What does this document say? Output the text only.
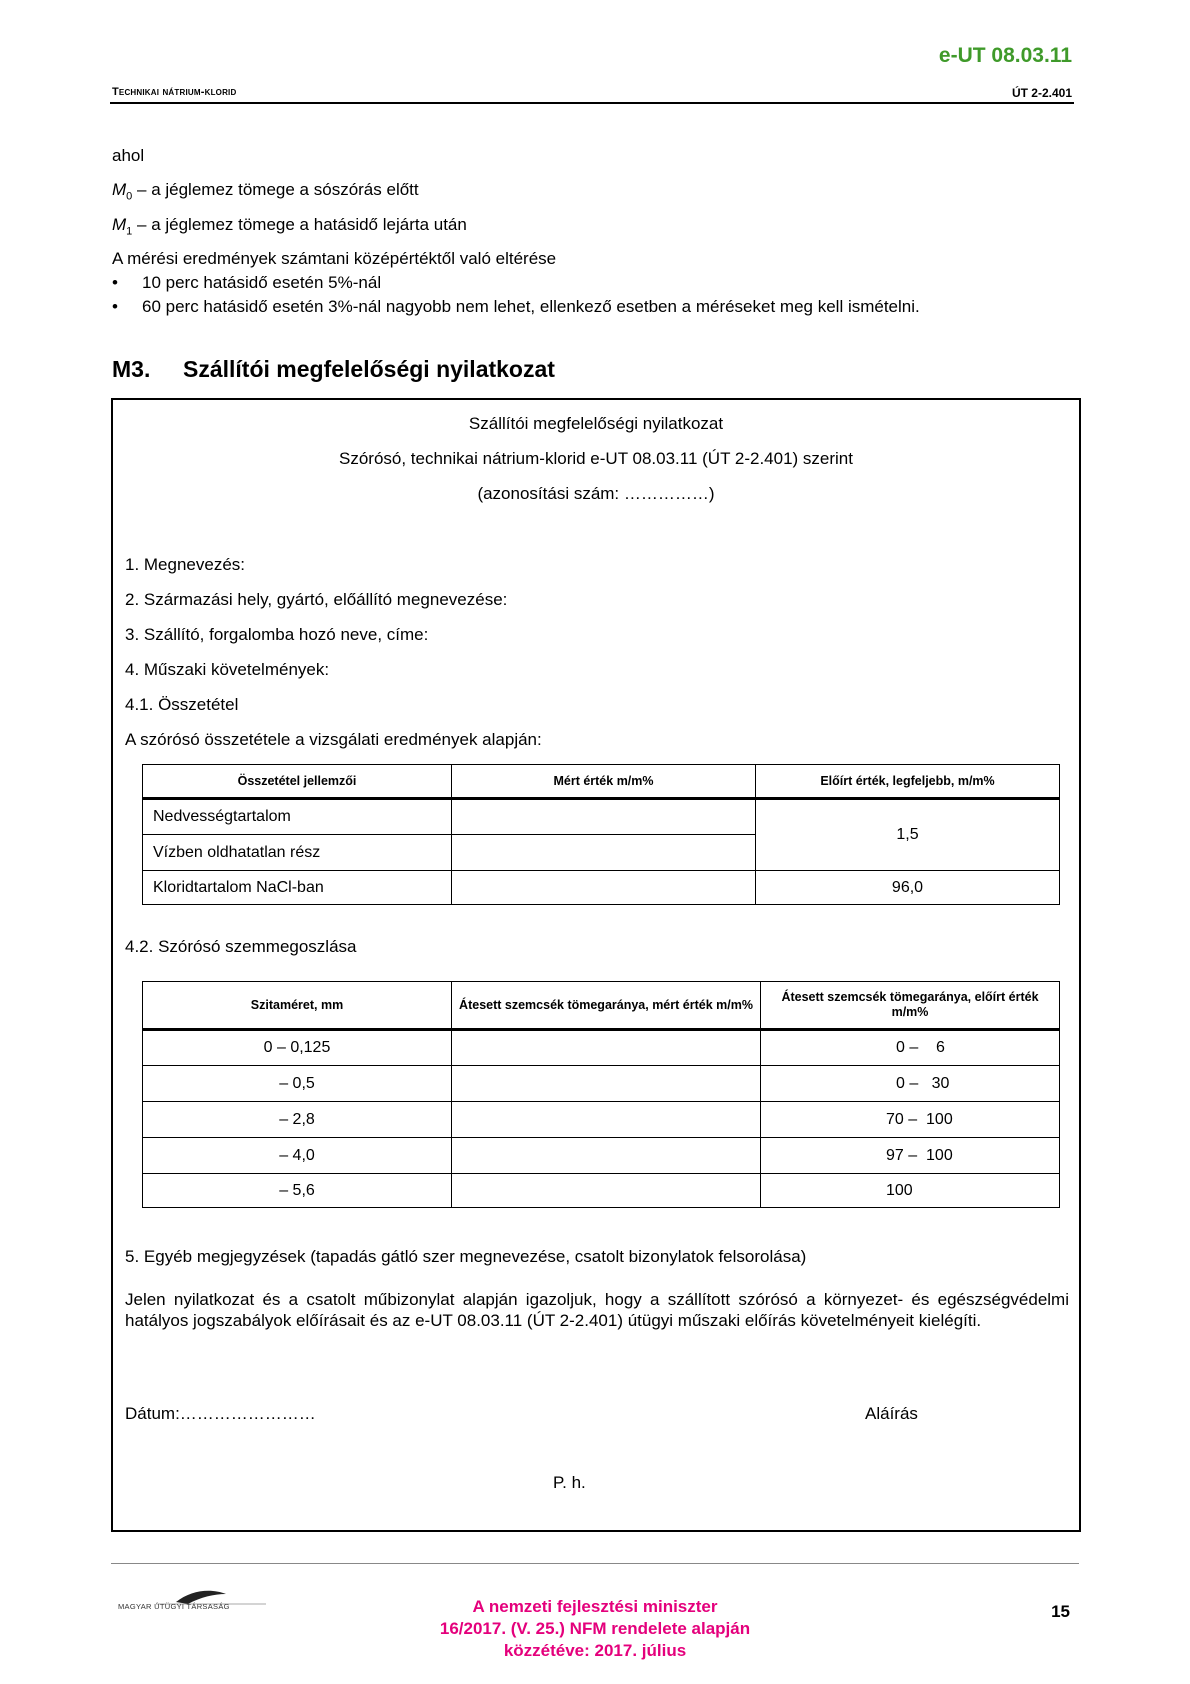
e-UT 08.03.11
Technikai nátrium-klorid	ÚT 2-2.401
ahol
$M_0$ – a jéglemez tömege a sószórás előtt
$M_1$ – a jéglemez tömege a hatásidő lejárta után
A mérési eredmények számtani középértéktől való eltérése
• 10 perc hatásidő esetén 5%-nál
• 60 perc hatásidő esetén 3%-nál nagyobb nem lehet, ellenkező esetben a méréseket meg kell ismételni.
M3. Szállítói megfelelőségi nyilatkozat
Szállítói megfelelőségi nyilatkozat
Szórósó, technikai nátrium-klorid e-UT 08.03.11 (ÚT 2-2.401) szerint
(azonosítási szám: ……………)
1. Megnevezés:
2. Származási hely, gyártó, előállító megnevezése:
3. Szállító, forgalomba hozó neve, címe:
4. Műszaki követelmények:
4.1. Összetétel
A szórósó összetétele a vizsgálati eredmények alapján:
Összetétel jellemzői	Mért érték m/m%	Előírt érték, legfeljebb, m/m%
Nedvességtartalom		1,5
Vízben oldhatatlan rész		
Kloridtartalom NaCl-ban		96,0
4.2. Szórósó szemmegoszlása
Szitaméret, mm	Átesett szemcsék tömegaránya, mért érték m/m%	Átesett szemcsék tömegaránya, előírt érték m/m%
0 – 0,125		0 –    6
– 0,5		0 –   30
– 2,8		70 –  100
– 4,0		97 –  100
– 5,6		100
5. Egyéb megjegyzések (tapadás gátló szer megnevezése, csatolt bizonylatok felsorolása)
Jelen nyilatkozat és a csatolt műbizonylat alapján igazoljuk, hogy a szállított szórósó a környezet- és egészségvédelmi hatályos jogszabályok előírásait és az e-UT 08.03.11 (ÚT 2-2.401) útügyi műszaki előírás követelményeit kielégíti.
Dátum:……………………	Aláírás
P. h.
MAGYAR ÚTÜGYI TÁRSASÁG	A nemzeti fejlesztési miniszter
16/2017. (V. 25.) NFM rendelete alapján
közzétéve: 2017. július
15
